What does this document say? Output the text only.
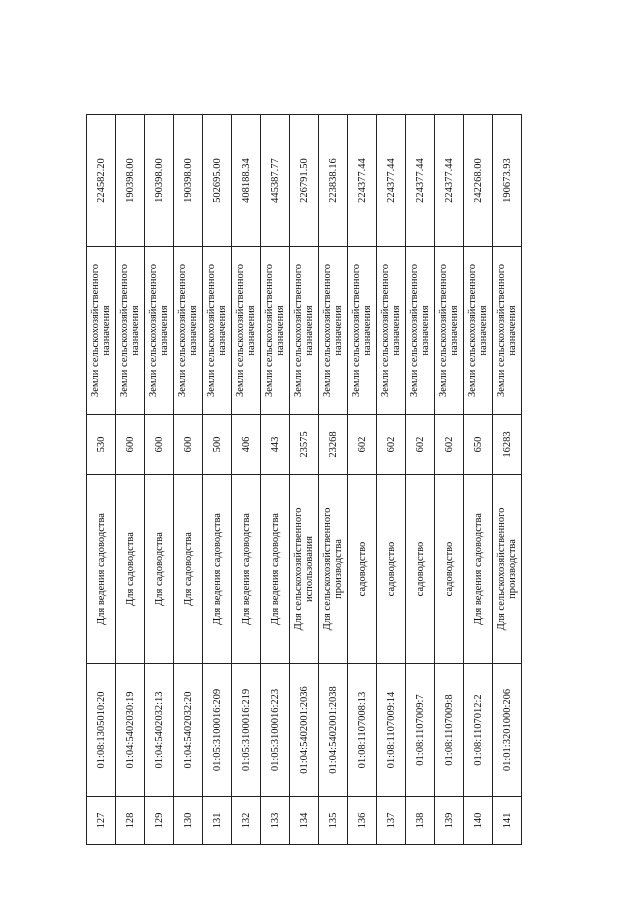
127	01:08:1305010:20	Для ведения садоводства	530	Земли сельскохозяйственного назначения	224582.20
128	01:04:5402030:19	Для садоводства	600	Земли сельскохозяйственного назначения	190398.00
129	01:04:5402032:13	Для садоводства	600	Земли сельскохозяйственного назначения	190398.00
130	01:04:5402032:20	Для садоводства	600	Земли сельскохозяйственного назначения	190398.00
131	01:05:3100016:209	Для ведения садоводства	500	Земли сельскохозяйственного назначения	502695.00
132	01:05:3100016:219	Для ведения садоводства	406	Земли сельскохозяйственного назначения	408188.34
133	01:05:3100016:223	Для ведения садоводства	443	Земли сельскохозяйственного назначения	445387.77
134	01:04:5402001:2036	Для сельскохозяйственного использования	23575	Земли сельскохозяйственного назначения	226791.50
135	01:04:5402001:2038	Для сельскохозяйственного производства	23268	Земли сельскохозяйственного назначения	223838.16
136	01:08:1107008:13	садоводство	602	Земли сельскохозяйственного назначения	224377.44
137	01:08:1107009:14	садоводство	602	Земли сельскохозяйственного назначения	224377.44
138	01:08:1107009:7	садоводство	602	Земли сельскохозяйственного назначения	224377.44
139	01:08:1107009:8	садоводство	602	Земли сельскохозяйственного назначения	224377.44
140	01:08:1107012:2	Для ведения садоводства	650	Земли сельскохозяйственного назначения	242268.00
141	01:01:3201000:206	Для сельскохозяйственного производства	16283	Земли сельскохозяйственного назначения	190673.93
